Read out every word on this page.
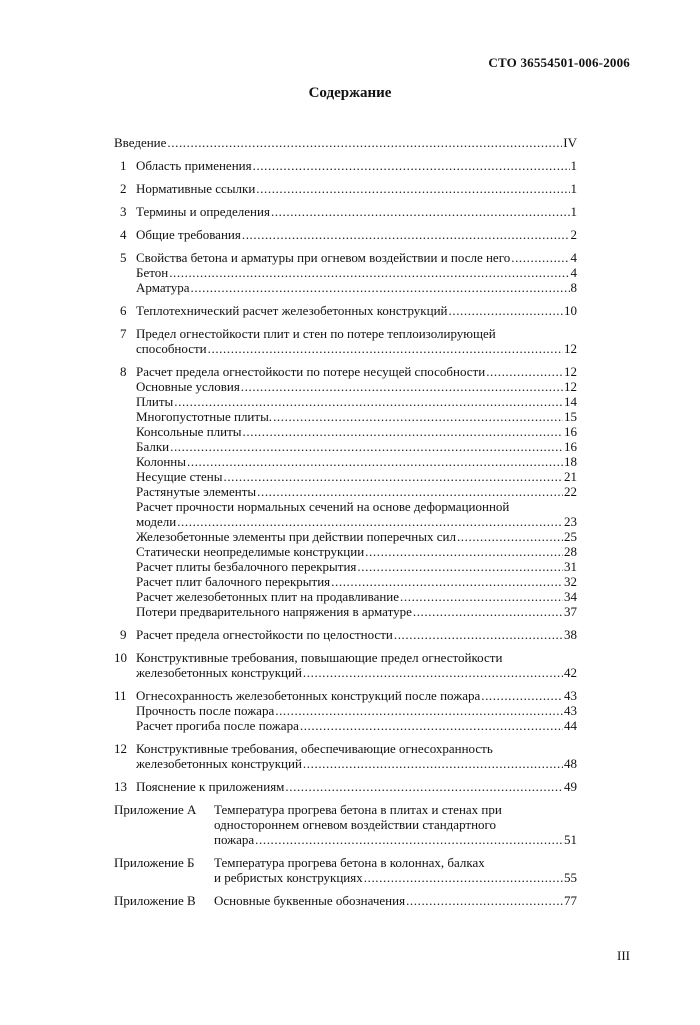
СТО 36554501-006-2006
Содержание
Введение .....	IV
1 Область применения .....	1
2 Нормативные ссылки .....	1
3 Термины и определения .....	1
4 Общие требования .....	2
5 Свойства бетона и арматуры при огневом воздействии и после него .....	4
Бетон .....	4
Арматура .....	8
6 Теплотехнический расчет железобетонных конструкций .....	10
7 Предел огнестойкости плит и стен по потере теплоизолирующей
способности .....	12
8 Расчет предела огнестойкости по потере несущей способности .....	12
Основные условия .....	12
Плиты .....	14
Многопустотные плиты. .....	15
Консольные плиты .....	16
Балки .....	16
Колонны .....	18
Несущие стены .....	21
Растянутые элементы .....	22
Расчет прочности нормальных сечений на основе деформационной
модели .....	23
Железобетонные элементы при действии поперечных сил .....	25
Статически неопределимые конструкции .....	28
Расчет плиты безбалочного перекрытия .....	31
Расчет плит балочного перекрытия .....	32
Расчет железобетонных плит на продавливание .....	34
Потери предварительного напряжения в арматуре .....	37
9 Расчет предела огнестойкости по целостности .....	38
10 Конструктивные требования, повышающие предел огнестойкости
железобетонных конструкций .....	42
11 Огнесохранность железобетонных конструкций после пожара .....	43
Прочность после пожара .....	43
Расчет прогиба после пожара .....	44
12 Конструктивные требования, обеспечивающие огнесохранность
железобетонных конструкций .....	48
13 Пояснение к приложениям .....	49
Приложение А	Температура прогрева бетона в плитах и стенах при
одностороннем огневом воздействии стандартного
пожара .....	51
Приложение Б	Температура прогрева бетона в колоннах, балках
и ребристых конструкциях .....	55
Приложение В	Основные буквенные обозначения .....	77
III
